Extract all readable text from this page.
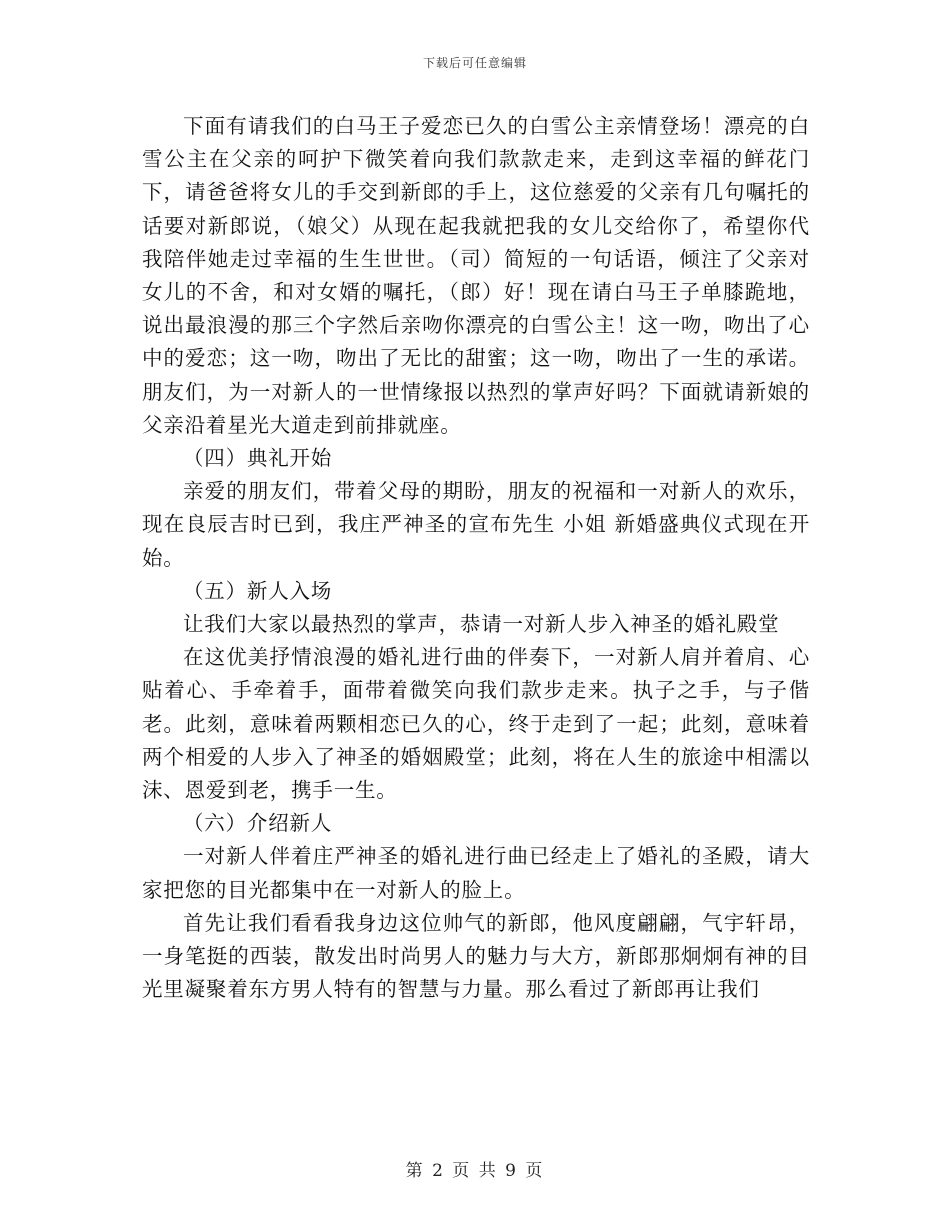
下载后可任意编辑

下面有请我们的白马王子爱恋已久的白雪公主亲情登场！漂亮的白雪公主在父亲的呵护下微笑着向我们款款走来，走到这幸福的鲜花门下，请爸爸将女儿的手交到新郎的手上，这位慈爱的父亲有几句嘱托的话要对新郎说，（娘父）从现在起我就把我的女儿交给你了，希望你代我陪伴她走过幸福的生生世世。（司）简短的一句话语，倾注了父亲对女儿的不舍，和对女婿的嘱托，（郎）好！现在请白马王子单膝跪地，说出最浪漫的那三个字然后亲吻你漂亮的白雪公主！这一吻，吻出了心中的爱恋；这一吻，吻出了无比的甜蜜；这一吻，吻出了一生的承诺。朋友们，为一对新人的一世情缘报以热烈的掌声好吗？下面就请新娘的父亲沿着星光大道走到前排就座。

（四）典礼开始

亲爱的朋友们，带着父母的期盼，朋友的祝福和一对新人的欢乐，现在良辰吉时已到，我庄严神圣的宣布先生 小姐 新婚盛典仪式现在开始。

（五）新人入场

让我们大家以最热烈的掌声，恭请一对新人步入神圣的婚礼殿堂

在这优美抒情浪漫的婚礼进行曲的伴奏下，一对新人肩并着肩、心贴着心、手牵着手，面带着微笑向我们款步走来。执子之手，与子偕老。此刻，意味着两颗相恋已久的心，终于走到了一起；此刻，意味着两个相爱的人步入了神圣的婚姻殿堂；此刻，将在人生的旅途中相濡以沫、恩爱到老，携手一生。

（六）介绍新人

一对新人伴着庄严神圣的婚礼进行曲已经走上了婚礼的圣殿，请大家把您的目光都集中在一对新人的脸上。

首先让我们看看我身边这位帅气的新郎，他风度翩翩，气宇轩昂，一身笔挺的西装，散发出时尚男人的魅力与大方，新郎那炯炯有神的目光里凝聚着东方男人特有的智慧与力量。那么看过了新郎再让我们

第 2 页 共 9 页
